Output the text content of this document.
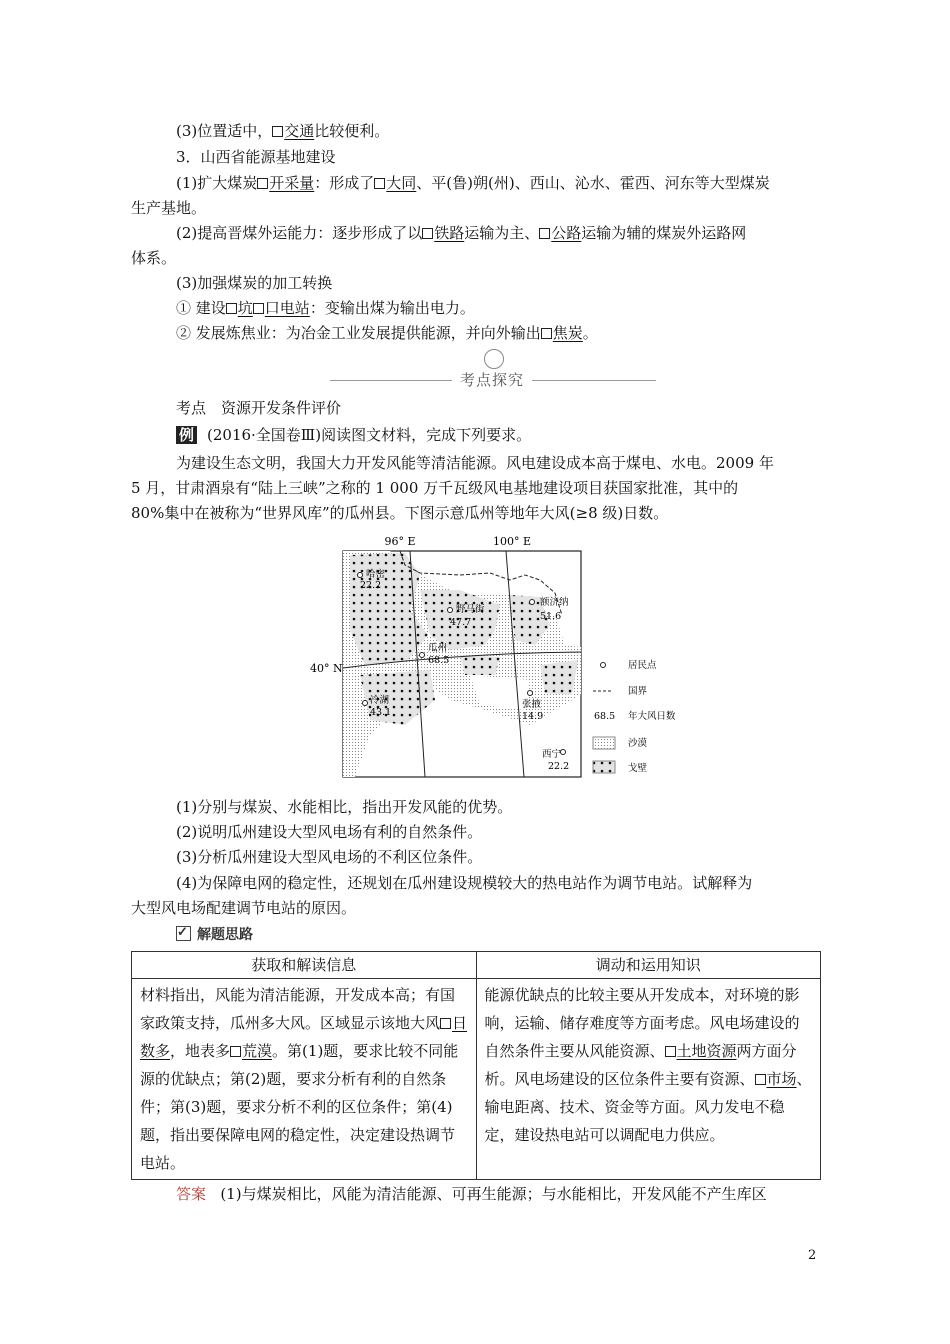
(3)位置适中， 交通比较便利。
3．山西省能源基地建设
(1)扩大煤炭 开采量：形成了 大同、平(鲁)朔(州)、西山、沁水、霍西、河东等大型煤炭
生产基地。
(2)提高晋煤外运能力：逐步形成了以 铁路运输为主、 公路运输为辅的煤炭外运路网
体系。
(3)加强煤炭的加工转换
① 建设 坑 口电站：变输出煤为输出电力。
② 发展炼焦业：为冶金工业发展提供能源，并向外输出 焦炭。
考点探究
考点　资源开发条件评价
例 (2016·全国卷Ⅲ)阅读图文材料，完成下列要求。
为建设生态文明，我国大力开发风能等清洁能源。风电建设成本高于煤电、水电。2009 年
5 月，甘肃酒泉有“陆上三峡”之称的 1 000 万千瓦级风电基地建设项目获国家批准，其中的
80%集中在被称为“世界风库”的瓜州县。下图示意瓜州等地年大风(≥8 级)日数。
96° E	100° E
40° N
哈密
22.2
野马街
47.7
额济纳
51.6
瓜州
68.5
冷湖
43.1
张掖
14.9
西宁
22.2
居民点
国界
68.5 年大风日数
沙漠
戈壁
(1)分别与煤炭、水能相比，指出开发风能的优势。
(2)说明瓜州建设大型风电场有利的自然条件。
(3)分析瓜州建设大型风电场的不利区位条件。
(4)为保障电网的稳定性，还规划在瓜州建设规模较大的热电站作为调节电站。试解释为
大型风电场配建调节电站的原因。
✓解题思路
获取和解读信息	调动和运用知识
材料指出，风能为清洁能源，开发成本高；有国家政策支持，瓜州多大风。区域显示该地大风 日数多，地表多 荒漠。第(1)题，要求比较不同能源的优缺点；第(2)题，要求分析有利的自然条件；第(3)题，要求分析不利的区位条件；第(4)题，指出要保障电网的稳定性，决定建设热调节电站。	能源优缺点的比较主要从开发成本，对环境的影响，运输、储存难度等方面考虑。风电场建设的自然条件主要从风能资源、 土地资源两方面分析。风电场建设的区位条件主要有资源、 市场、输电距离、技术、资金等方面。风力发电不稳定，建设热电站可以调配电力供应。
答案 (1)与煤炭相比，风能为清洁能源、可再生能源；与水能相比，开发风能不产生库区
2
